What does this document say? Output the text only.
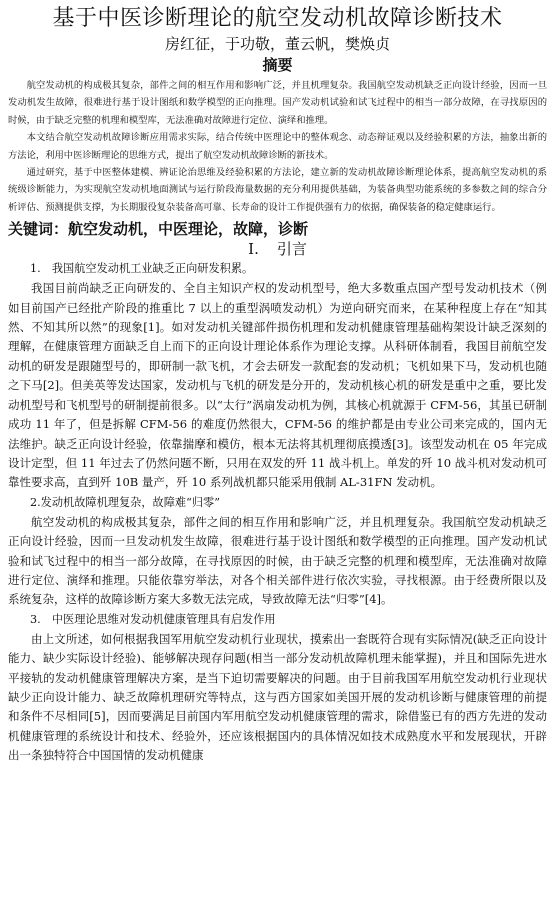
基于中医诊断理论的航空发动机故障诊断技术

房红征，于功敬，董云帆，樊焕贞

摘要

航空发动机的构成极其复杂，部件之间的相互作用和影响广泛，并且机理复杂。我国航空发动机缺乏正向设计经验，因而一旦发动机发生故障，很难进行基于设计图纸和数学模型的正向推理。国产发动机试验和试飞过程中的相当一部分故障，在寻找原因的时候，由于缺乏完整的机理和模型库，无法准确对故障进行定位、演绎和推理。

本文结合航空发动机故障诊断应用需求实际，结合传统中医理论中的整体观念、动态辩证观以及经验积累的方法，抽象出新的方法论，利用中医诊断理论的思维方式，提出了航空发动机故障诊断的新技术。

通过研究，基于中医整体建模、辨证论治思维及经验积累的方法论，建立新的发动机故障诊断理论体系，提高航空发动机的系统级诊断能力，为实现航空发动机地面测试与运行阶段海量数据的充分利用提供基础，为装备典型功能系统的多参数之间的综合分析评估、预测提供支撑，为长期服役复杂装备高可靠、长寿命的设计工作提供强有力的依据，确保装备的稳定健康运行。

关键词：航空发动机，中医理论，故障，诊断

I. 引言

1.　我国航空发动机工业缺乏正向研发积累。

我国目前尚缺乏正向研发的、全自主知识产权的发动机型号，绝大多数重点国产型号发动机技术（例如目前国产已经批产阶段的推重比 7 以上的重型涡喷发动机）为逆向研究而来，在某种程度上存在“知其然、不知其所以然”的现象[1]。如对发动机关键部件损伤机理和发动机健康管理基础构架设计缺乏深刻的理解，在健康管理方面缺乏自上而下的正向设计理论体系作为理论支撑。从科研体制看，我国目前航空发动机的研发是跟随型号的，即研制一款飞机，才会去研发一款配套的发动机；飞机如果下马，发动机也随之下马[2]。但美英等发达国家，发动机与飞机的研发是分开的，发动机核心机的研发是重中之重，要比发动机型号和飞机型号的研制提前很多。以“太行”涡扇发动机为例，其核心机就源于 CFM-56，其虽已研制成功 11 年了，但是拆解 CFM-56 的难度仍然很大，CFM-56 的维护都是由专业公司来完成的，国内无法维护。缺乏正向设计经验，依靠揣摩和模仿，根本无法将其机理彻底摸透[3]。该型发动机在 05 年完成设计定型，但 11 年过去了仍然问题不断，只用在双发的歼 11 战斗机上。单发的歼 10 战斗机对发动机可靠性要求高，直到歼 10B 量产，歼 10 系列战机都只能采用俄制 AL-31FN 发动机。

2.发动机故障机理复杂，故障难“归零”

航空发动机的构成极其复杂，部件之间的相互作用和影响广泛，并且机理复杂。我国航空发动机缺乏正向设计经验，因而一旦发动机发生故障，很难进行基于设计图纸和数学模型的正向推理。国产发动机试验和试飞过程中的相当一部分故障，在寻找原因的时候，由于缺乏完整的机理和模型库，无法准确对故障进行定位、演绎和推理。只能依靠穷举法，对各个相关部件进行依次实验，寻找根源。由于经费所限以及系统复杂，这样的故障诊断方案大多数无法完成，导致故障无法“归零”[4]。

3.　中医理论思维对发动机健康管理具有启发作用

由上文所述，如何根据我国军用航空发动机行业现状，摸索出一套既符合现有实际情况(缺乏正向设计能力、缺少实际设计经验)、能够解决现存问题(相当一部分发动机故障机理未能掌握)，并且和国际先进水平接轨的发动机健康管理解决方案，是当下迫切需要解决的问题。由于目前我国军用航空发动机行业现状缺少正向设计能力、缺乏故障机理研究等特点，这与西方国家如美国开展的发动机诊断与健康管理的前提和条件不尽相同[5]，因而要满足目前国内军用航空发动机健康管理的需求，除借鉴已有的西方先进的发动机健康管理的系统设计和技术、经验外，还应该根据国内的具体情况如技术成熟度水平和发展现状，开辟出一条独特符合中国国情的发动机健康
